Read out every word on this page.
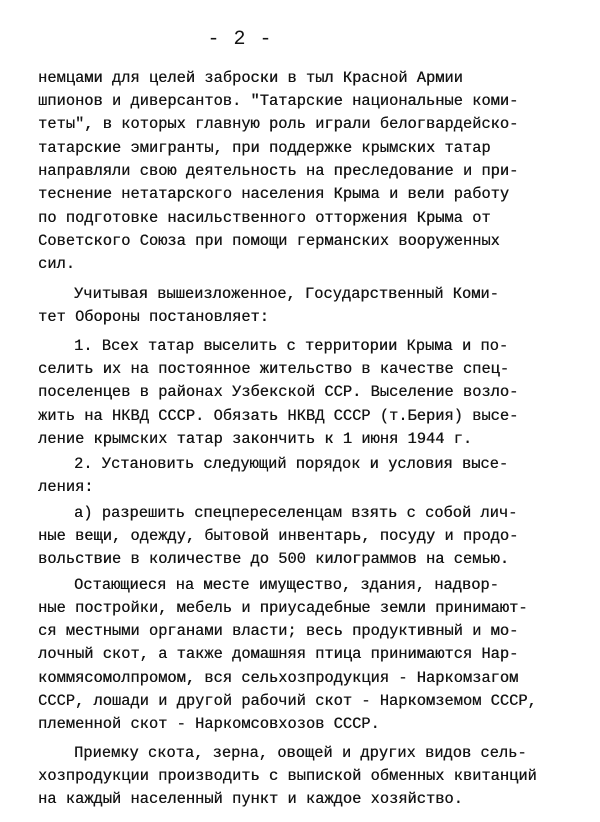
- 2 -
немцами для целей заброски в тыл Красной Армии
шпионов и диверсантов. "Татарские национальные коми-
теты", в которых главную роль играли белогвардейско-
татарские эмигранты, при поддержке крымских татар
направляли свою деятельность на преследование и при-
теснение нетатарского населения Крыма и вели работу
по подготовке насильственного отторжения Крыма от
Советского Союза при помощи германских вооруженных
сил.
Учитывая вышеизложенное, Государственный Коми-
тет Обороны постановляет:
1. Всех татар выселить с территории Крыма и по-
селить их на постоянное жительство в качестве спец-
поселенцев в районах Узбекской ССР. Выселение возло-
жить на НКВД СССР. Обязать НКВД СССР (т.Берия) высе-
ление крымских татар закончить к 1 июня 1944 г.
2. Установить следующий порядок и условия высе-
ления:
а) разрешить спецпереселенцам взять с собой лич-
ные вещи, одежду, бытовой инвентарь, посуду и продо-
вольствие в количестве до 500 килограммов на семью.
Остающиеся на месте имущество, здания, надвор-
ные постройки, мебель и приусадебные земли принимают-
ся местными органами власти; весь продуктивный и мо-
лочный скот, а также домашняя птица принимаются Нар-
коммясомолпромом, вся сельхозпродукция - Наркомзагом
СССР, лошади и другой рабочий скот - Наркомземом СССР,
племенной скот - Наркомсовхозов СССР.
Приемку скота, зерна, овощей и других видов сель-
хозпродукции производить с выпиской обменных квитанций
на каждый населенный пункт и каждое хозяйство.
